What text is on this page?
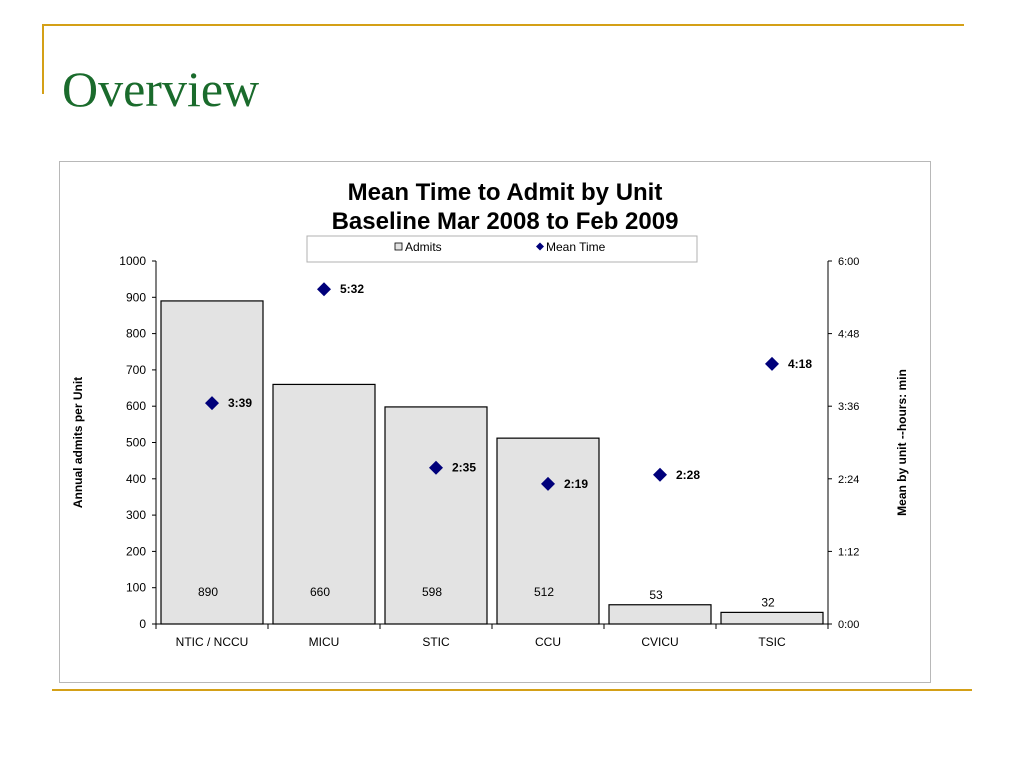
Overview
Mean Time to Admit by Unit
Baseline Mar 2008 to Feb 2009
0
100
200
300
400
500
600
700
800
900
1000
0:00
1:12
2:24
3:36
4:48
6:00
890
NTIC / NCCU
660
MICU
598
STIC
512
CCU
53
CVICU
32
TSIC
3:39
5:32
2:35
2:19
2:28
4:18
Annual admits per Unit	Mean by unit --hours: min
Admits	Mean Time
